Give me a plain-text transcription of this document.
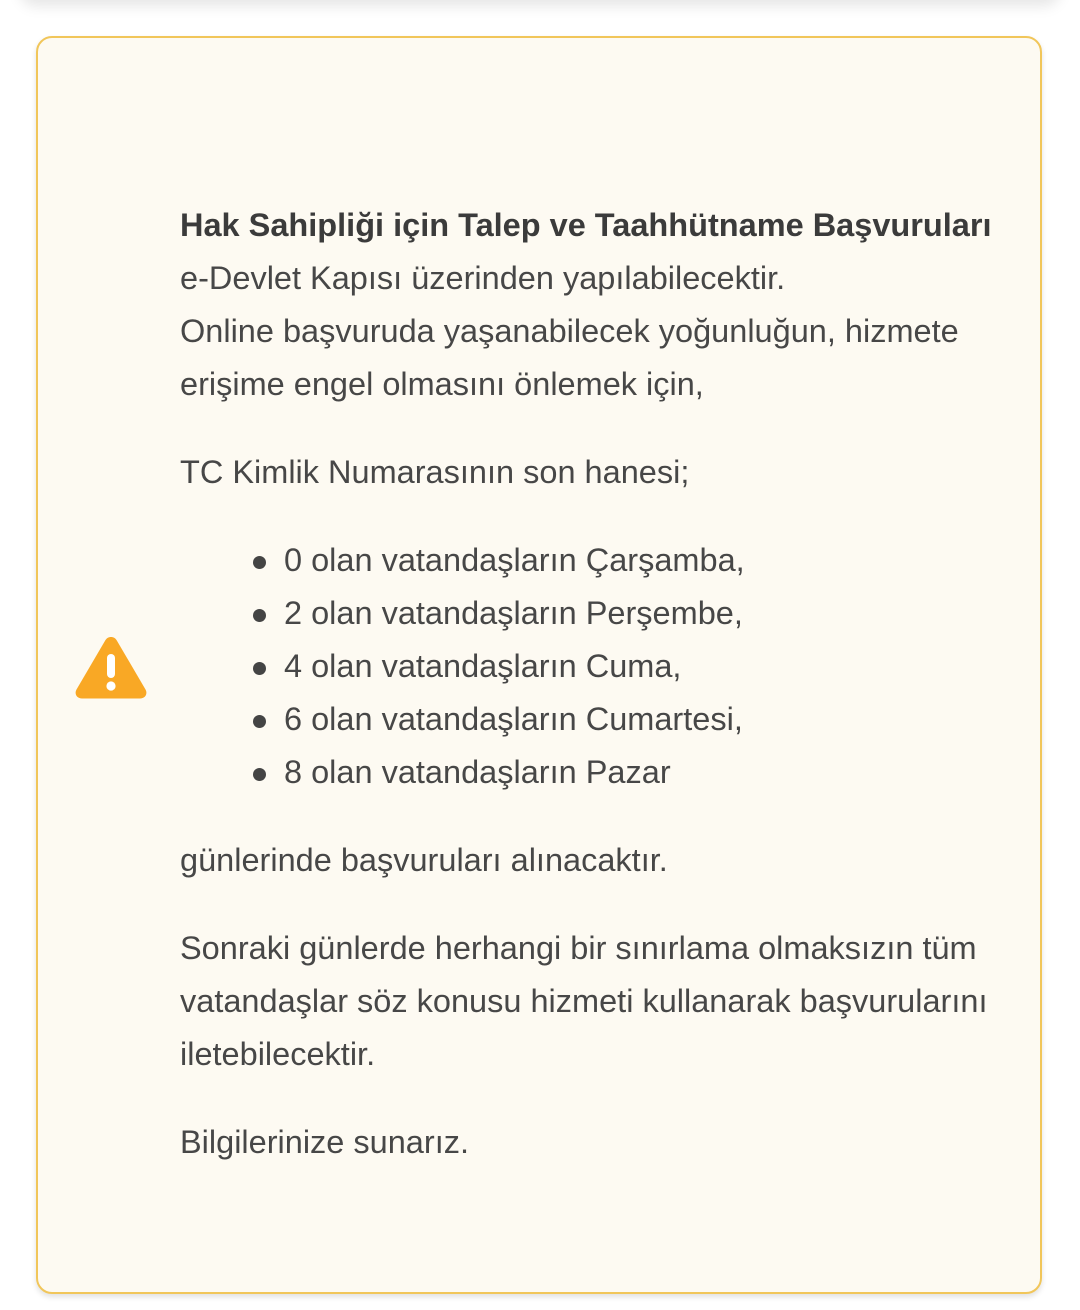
Hak Sahipliği için Talep ve Taahhütname Başvuruları e-Devlet Kapısı üzerinden yapılabilecektir.
Online başvuruda yaşanabilecek yoğunluğun, hizmete erişime engel olmasını önlemek için,

TC Kimlik Numarasının son hanesi;

0 olan vatandaşların Çarşamba,
2 olan vatandaşların Perşembe,
4 olan vatandaşların Cuma,
6 olan vatandaşların Cumartesi,
8 olan vatandaşların Pazar

günlerinde başvuruları alınacaktır.

Sonraki günlerde herhangi bir sınırlama olmaksızın tüm vatandaşlar söz konusu hizmeti kullanarak başvurularını iletebilecektir.

Bilgilerinize sunarız.
